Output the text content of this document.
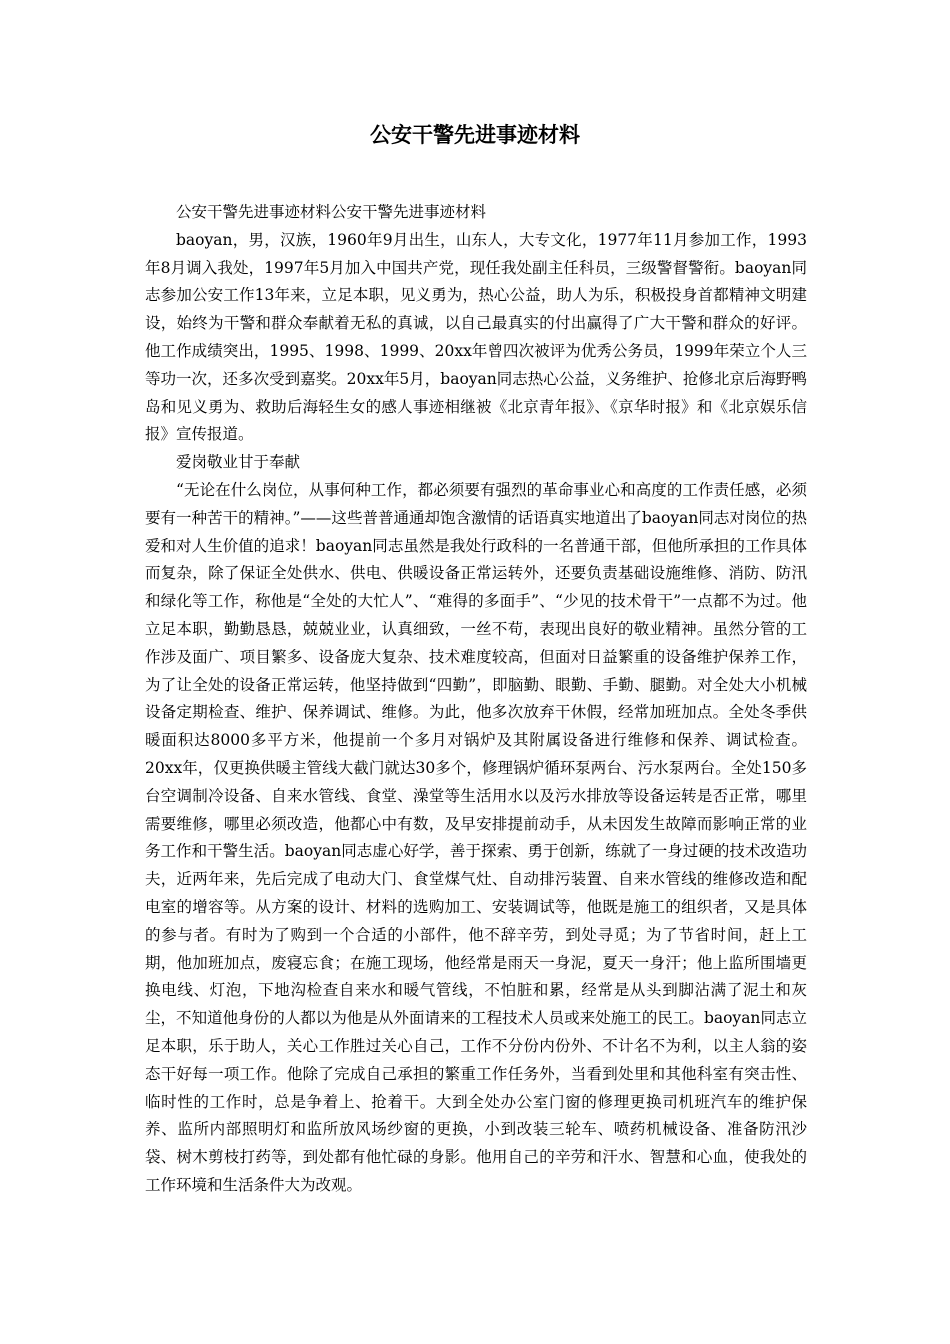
公安干警先进事迹材料

公安干警先进事迹材料公安干警先进事迹材料

baoyan，男，汉族，1960年9月出生，山东人，大专文化，1977年11月参加工作，1993年8月调入我处，1997年5月加入中国共产党，现任我处副主任科员，三级警督警衔。baoyan同志参加公安工作13年来，立足本职，见义勇为，热心公益，助人为乐，积极投身首都精神文明建设，始终为干警和群众奉献着无私的真诚，以自己最真实的付出赢得了广大干警和群众的好评。他工作成绩突出，1995、1998、1999、20xx年曾四次被评为优秀公务员，1999年荣立个人三等功一次，还多次受到嘉奖。20xx年5月，baoyan同志热心公益，义务维护、抢修北京后海野鸭岛和见义勇为、救助后海轻生女的感人事迹相继被《北京青年报》、《京华时报》和《北京娱乐信报》宣传报道。

爱岗敬业甘于奉献

“无论在什么岗位，从事何种工作，都必须要有强烈的革命事业心和高度的工作责任感，必须要有一种苦干的精神。”——这些普普通通却饱含激情的话语真实地道出了baoyan同志对岗位的热爱和对人生价值的追求！baoyan同志虽然是我处行政科的一名普通干部，但他所承担的工作具体而复杂，除了保证全处供水、供电、供暖设备正常运转外，还要负责基础设施维修、消防、防汛和绿化等工作，称他是“全处的大忙人”、“难得的多面手”、“少见的技术骨干”一点都不为过。他立足本职，勤勤恳恳，兢兢业业，认真细致，一丝不苟，表现出良好的敬业精神。虽然分管的工作涉及面广、项目繁多、设备庞大复杂、技术难度较高，但面对日益繁重的设备维护保养工作，为了让全处的设备正常运转，他坚持做到“四勤”，即脑勤、眼勤、手勤、腿勤。对全处大小机械设备定期检查、维护、保养调试、维修。为此，他多次放弃干休假，经常加班加点。全处冬季供暖面积达8000多平方米，他提前一个多月对锅炉及其附属设备进行维修和保养、调试检查。20xx年，仅更换供暖主管线大截门就达30多个，修理锅炉循环泵两台、污水泵两台。全处150多台空调制冷设备、自来水管线、食堂、澡堂等生活用水以及污水排放等设备运转是否正常，哪里需要维修，哪里必须改造，他都心中有数，及早安排提前动手，从未因发生故障而影响正常的业务工作和干警生活。baoyan同志虚心好学，善于探索、勇于创新，练就了一身过硬的技术改造功夫，近两年来，先后完成了电动大门、食堂煤气灶、自动排污装置、自来水管线的维修改造和配电室的增容等。从方案的设计、材料的选购加工、安装调试等，他既是施工的组织者，又是具体的参与者。有时为了购到一个合适的小部件，他不辞辛劳，到处寻觅；为了节省时间，赶上工期，他加班加点，废寝忘食；在施工现场，他经常是雨天一身泥，夏天一身汗；他上监所围墙更换电线、灯泡，下地沟检查自来水和暖气管线，不怕脏和累，经常是从头到脚沾满了泥土和灰尘，不知道他身份的人都以为他是从外面请来的工程技术人员或来处施工的民工。baoyan同志立足本职，乐于助人，关心工作胜过关心自己，工作不分份内份外、不计名不为利，以主人翁的姿态干好每一项工作。他除了完成自己承担的繁重工作任务外，当看到处里和其他科室有突击性、临时性的工作时，总是争着上、抢着干。大到全处办公室门窗的修理更换司机班汽车的维护保养、监所内部照明灯和监所放风场纱窗的更换，小到改装三轮车、喷药机械设备、准备防汛沙袋、树木剪枝打药等，到处都有他忙碌的身影。他用自己的辛劳和汗水、智慧和心血，使我处的工作环境和生活条件大为改观。
